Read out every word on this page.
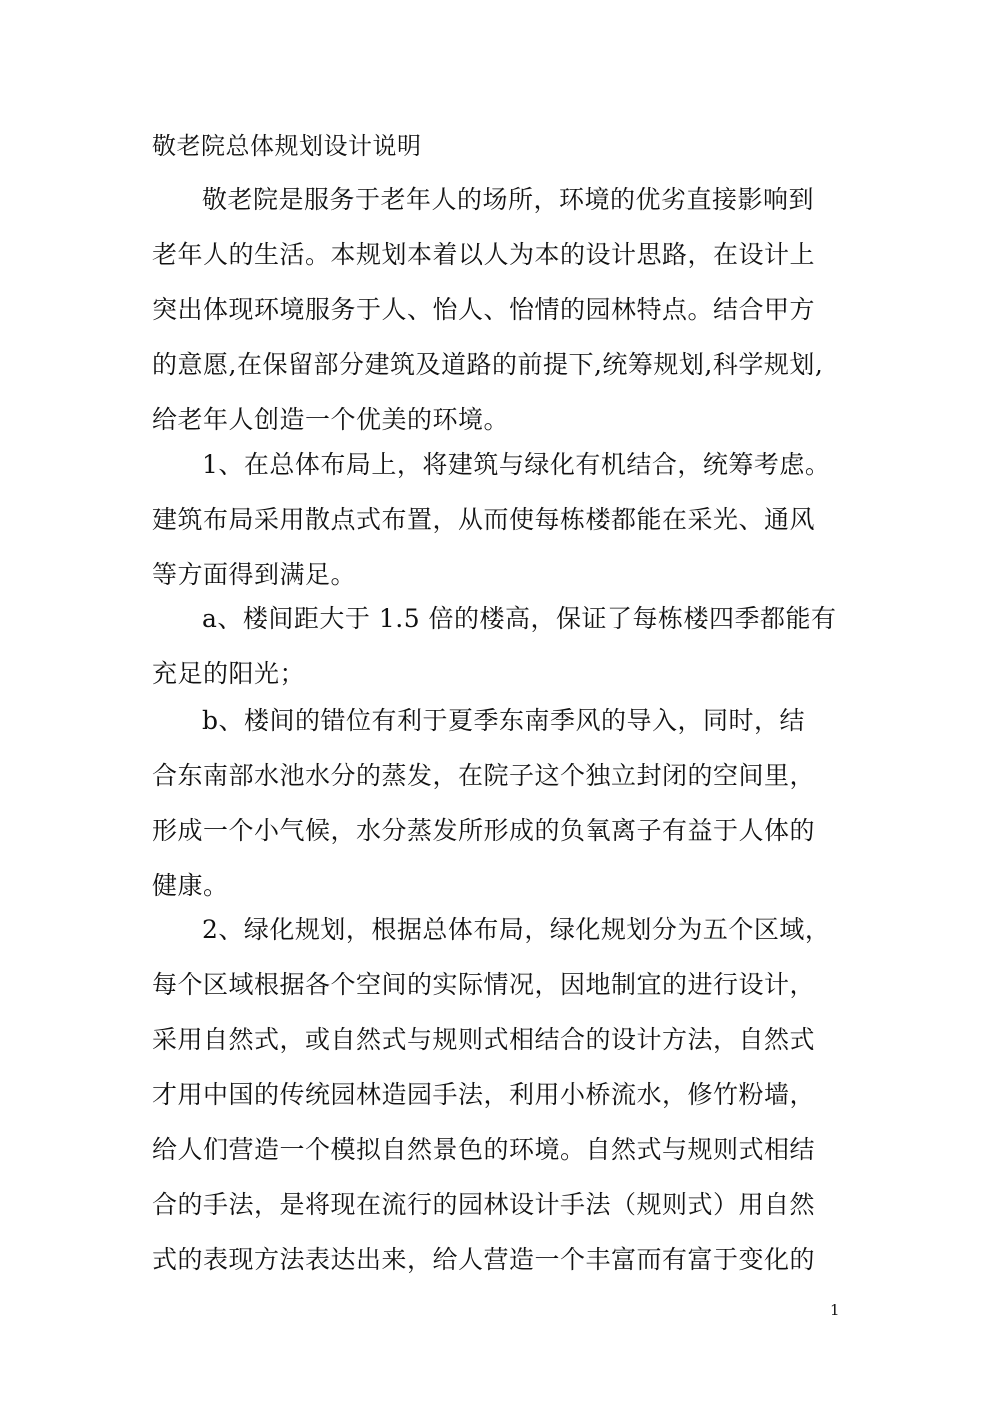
敬老院总体规划设计说明
敬老院是服务于老年人的场所，环境的优劣直接影响到
老年人的生活。本规划本着以人为本的设计思路，在设计上
突出体现环境服务于人、怡人、怡情的园林特点。结合甲方
的意愿,在保留部分建筑及道路的前提下,统筹规划,科学规划,
给老年人创造一个优美的环境。
1、在总体布局上，将建筑与绿化有机结合，统筹考虑。
建筑布局采用散点式布置，从而使每栋楼都能在采光、通风
等方面得到满足。
a、楼间距大于 1.5 倍的楼高，保证了每栋楼四季都能有
充足的阳光；
b、楼间的错位有利于夏季东南季风的导入，同时，结
合东南部水池水分的蒸发，在院子这个独立封闭的空间里，
形成一个小气候，水分蒸发所形成的负氧离子有益于人体的
健康。
2、绿化规划，根据总体布局，绿化规划分为五个区域，
每个区域根据各个空间的实际情况，因地制宜的进行设计，
采用自然式，或自然式与规则式相结合的设计方法，自然式
才用中国的传统园林造园手法，利用小桥流水，修竹粉墙，
给人们营造一个模拟自然景色的环境。自然式与规则式相结
合的手法，是将现在流行的园林设计手法（规则式）用自然
式的表现方法表达出来，给人营造一个丰富而有富于变化的
1
